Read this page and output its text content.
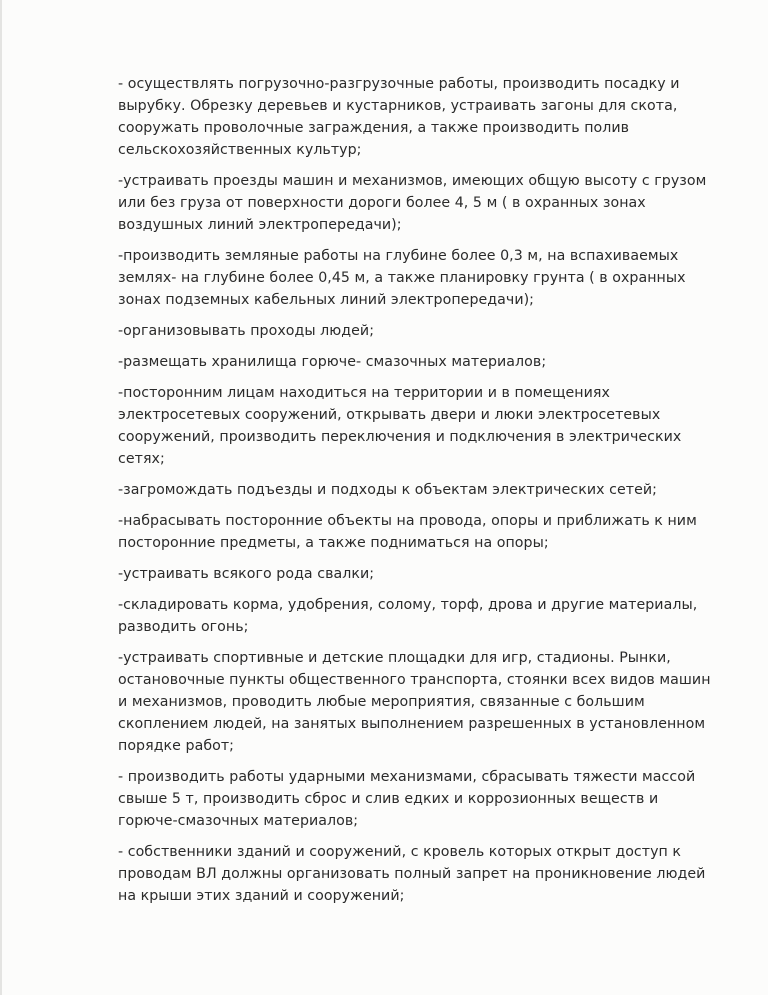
- осуществлять погрузочно-разгрузочные работы, производить посадку и вырубку. Обрезку деревьев и кустарников, устраивать загоны для скота, сооружать проволочные заграждения, а также производить полив сельскохозяйственных культур;

-устраивать проезды машин и механизмов, имеющих общую высоту с грузом или без груза от поверхности дороги более 4, 5 м ( в охранных зонах воздушных линий электропередачи);

-производить земляные работы на глубине более 0,3 м, на вспахиваемых землях- на глубине более 0,45 м, а также планировку грунта ( в охранных зонах подземных кабельных линий электропередачи);

-организовывать проходы людей;

-размещать хранилища горюче- смазочных материалов;

-посторонним лицам находиться на территории и в помещениях электросетевых сооружений, открывать двери и люки электросетевых сооружений, производить переключения и подключения в электрических сетях;

-загромождать подъезды и подходы к объектам электрических сетей;

-набрасывать посторонние объекты на провода, опоры и приближать к ним посторонние предметы, а также подниматься на опоры;

-устраивать всякого рода свалки;

-складировать корма, удобрения, солому, торф, дрова и другие материалы, разводить огонь;

-устраивать спортивные и детские площадки для игр, стадионы. Рынки, остановочные пункты общественного транспорта, стоянки всех видов машин и механизмов, проводить любые мероприятия, связанные с большим скоплением людей, на занятых выполнением разрешенных в установленном порядке работ;

- производить работы ударными механизмами, сбрасывать тяжести массой свыше 5 т, производить сброс и слив едких и коррозионных веществ и горюче-смазочных материалов;

- собственники зданий и сооружений, с кровель которых открыт доступ к проводам ВЛ должны организовать полный запрет на проникновение людей на крыши этих зданий и сооружений;
